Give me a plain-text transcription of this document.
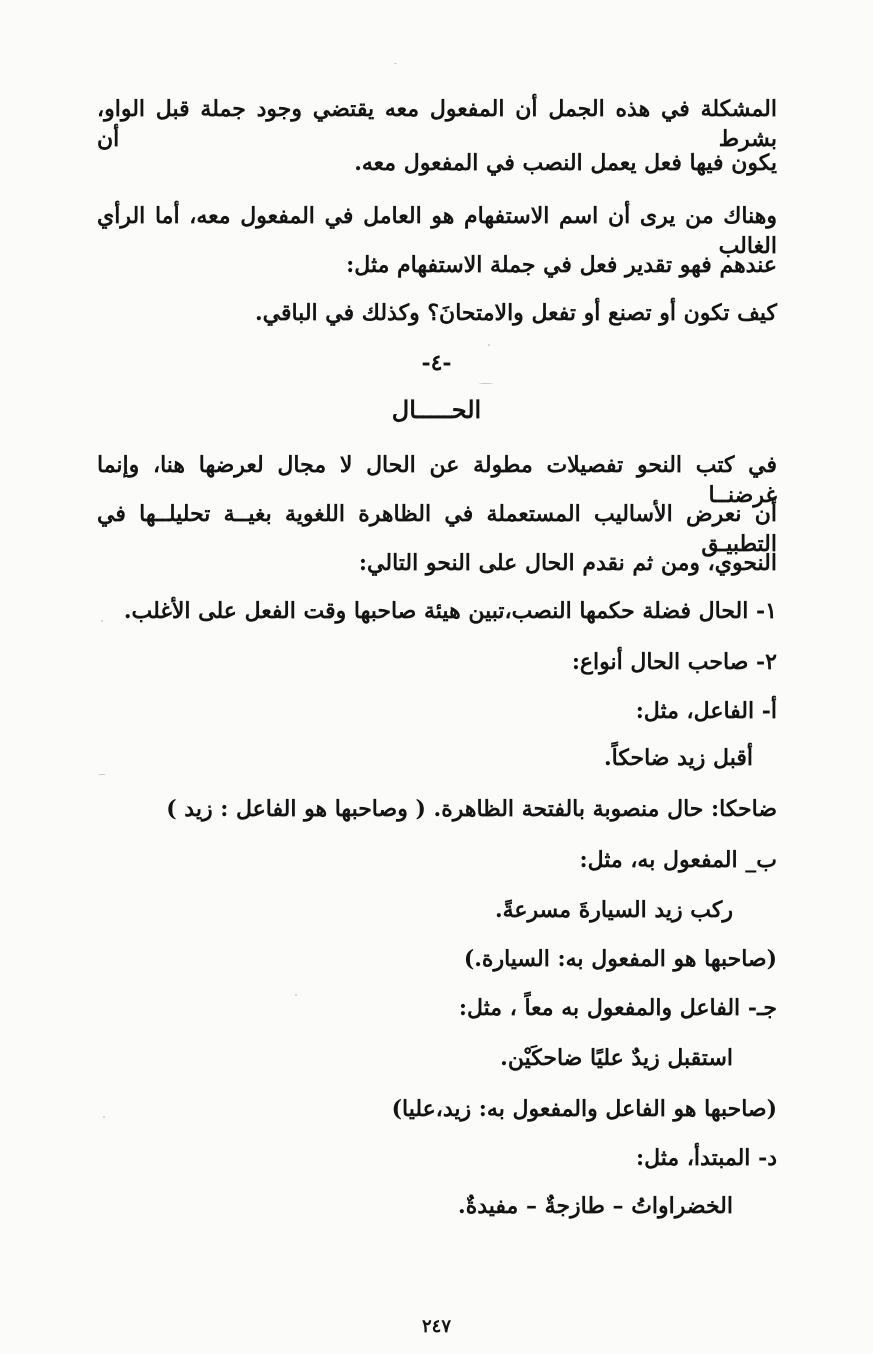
المشكلة في هذه الجمل أن المفعول معه يقتضي وجود جملة قبل الواو، بشرط أن
يكون فيها فعل يعمل النصب في المفعول معه.
وهناك من يرى أن اسم الاستفهام هو العامل في المفعول معه، أما الرأي الغالب
عندهم فهو تقدير فعل في جملة الاستفهام مثل:
كيف تكون أو تصنع أو تفعل والامتحانَ؟ وكذلك في الباقي.
-٤-
الحـــــال
في كتب النحو تفصيلات مطولة عن الحال لا مجال لعرضها هنا، وإنما غرضنــا
أن نعرض الأساليب المستعملة في الظاهرة اللغوية بغيــة تحليلــها في التطبيـق
النحوي، ومن ثم نقدم الحال على النحو التالي:
١- الحال فضلة حكمها النصب،تبين هيئة صاحبها وقت الفعل على الأغلب.
٢- صاحب الحال أنواع:
أ- الفاعل، مثل:
أقبل زيد ضاحكاً.
ضاحكا: حال منصوبة بالفتحة الظاهرة. ( وصاحبها هو الفاعل : زيد )
ب_ المفعول به، مثل:
ركب زيد السيارةَ مسرعةً.
(صاحبها هو المفعول به: السيارة.)
جـ- الفاعل والمفعول به معاً ، مثل:
استقبل زيدٌ عليًا ضاحكَيْن.
(صاحبها هو الفاعل والمفعول به: زيد،عليا)
د- المبتدأ، مثل:
الخضراواتُ – طازجةٌ – مفيدةٌ.
٢٤٧
